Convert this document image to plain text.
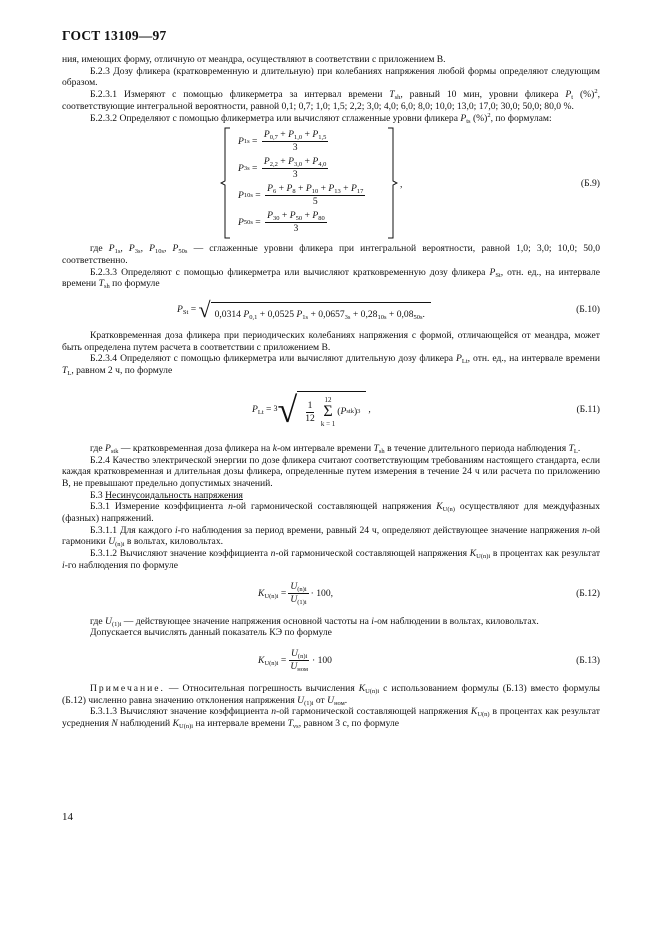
ГОСТ 13109—97

ния, имеющих форму, отличную от меандра, осуществляют в соответствии с приложением В.

Б.2.3 Дозу фликера (кратковременную и длительную) при колебаниях напряжения любой формы определяют следующим образом.

Б.2.3.1 Измеряют с помощью фликерметра за интервал времени $T_{sh}$, равный 10 мин, уровни фликера $P_t$ (%)$^2$, соответствующие интегральной вероятности, равной 0,1; 0,7; 1,0; 1,5; 2,2; 3,0; 4,0; 6,0; 8,0; 10,0; 13,0; 17,0; 30,0; 50,0; 80,0 %.

Б.2.3.2 Определяют с помощью фликерметра или вычисляют сглаженные уровни фликера $P_{ts}$ (%)$^2$, по формулам:

P $1s = \frac{P_{0,7} + P_{1,0} + P_{1,5}}{3}$
P $3s = \frac{P_{2,2} + P_{3,0} + P_{4,0}}{3}$
P $10s = \frac{P_6 + P_8 + P_{10} + P_{13} + P_{17}}{5}$
P $50s = \frac{P_{30} + P_{50} + P_{80}}{3}$
,	(Б.9)

где $P_{1s}$, $P_{3s}$, $P_{10s}$, $P_{50s}$ — сглаженные уровни фликера при интегральной вероятности, равной 1,0; 3,0; 10,0; 50,0 соответственно.

Б.2.3.3 Определяют с помощью фликерметра или вычисляют кратковременную дозу фликера $P_{St}$, отн. ед., на интервале времени $T_{sh}$ по формуле

$P_{St}$ = √ 0,0314 $P_{0,1} + 0,0525$ $P_{1s} + 0,0657_{3s} + 0,28_{10s} + 0,08_{50s}$.	(Б.10)

Кратковременная доза фликера при периодических колебаниях напряжения с формой, отличающейся от меандра, может быть определена путем расчета в соответствии с приложением В.

Б.2.3.4 Определяют с помощью фликерметра или вычисляют длительную дозу фликера $P_{Lt}$, отн. ед., на интервале времени $T_L$, равном 2 ч, по формуле

$P_{Lt} = 3$ √ $\frac{1}{12} 12$
Σ
k = 1
( P stk ) 3 ,	(Б.11)

где $P_{stk}$ — кратковременная доза фликера на k-ом интервале времени $T_{sh}$ в течение длительного периода наблюдения $T_L$.

Б.2.4 Качество электрической энергии по дозе фликера считают соответствующим требованиям настоящего стандарта, если каждая кратковременная и длительная дозы фликера, определенные путем измерения в течение 24 ч или расчета по приложению В, не превышают предельно допустимых значений.

Б.3 Несинусоидальность напряжения

Б.3.1 Измерение коэффициента n-ой гармонической составляющей напряжения $K_{U(n)}$ осуществляют для междуфазных (фазных) напряжений.

Б.3.1.1 Для каждого i-го наблюдения за период времени, равный 24 ч, определяют действующее значение напряжения n-ой гармоники $U_{(n)i}$ в вольтах, киловольтах.

Б.3.1.2 Вычисляют значение коэффициента n-ой гармонической составляющей напряжения $K_{U(n)i}$ в процентах как результат i-го наблюдения по формуле

$K_{U(n)i} = \frac{U_{(n)i}}{U_{(1)i}} \cdot 100$,	(Б.12)

где $U_{(1)i}$ — действующее значение напряжения основной частоты на i-ом наблюдении в вольтах, киловольтах.

Допускается вычислять данный показатель КЭ по формуле

$K_{U(n)i} = \frac{U_{(n)i}}{U_{ном}} \cdot 100$	(Б.13)

Примечание. — Относительная погрешность вычисления $K_{U(n)i}$ с использованием формулы (Б.13) вместо формулы (Б.12) численно равна значению отклонения напряжения $U_{(1)i}$ от $U_{ном}$.

Б.3.1.3 Вычисляют значение коэффициента n-ой гармонической составляющей напряжения $K_{U(n)}$ в процентах как результат усреднения N наблюдений $K_{U(n)i}$ на интервале времени $T_{vs}$, равном 3 с, по формуле

14
